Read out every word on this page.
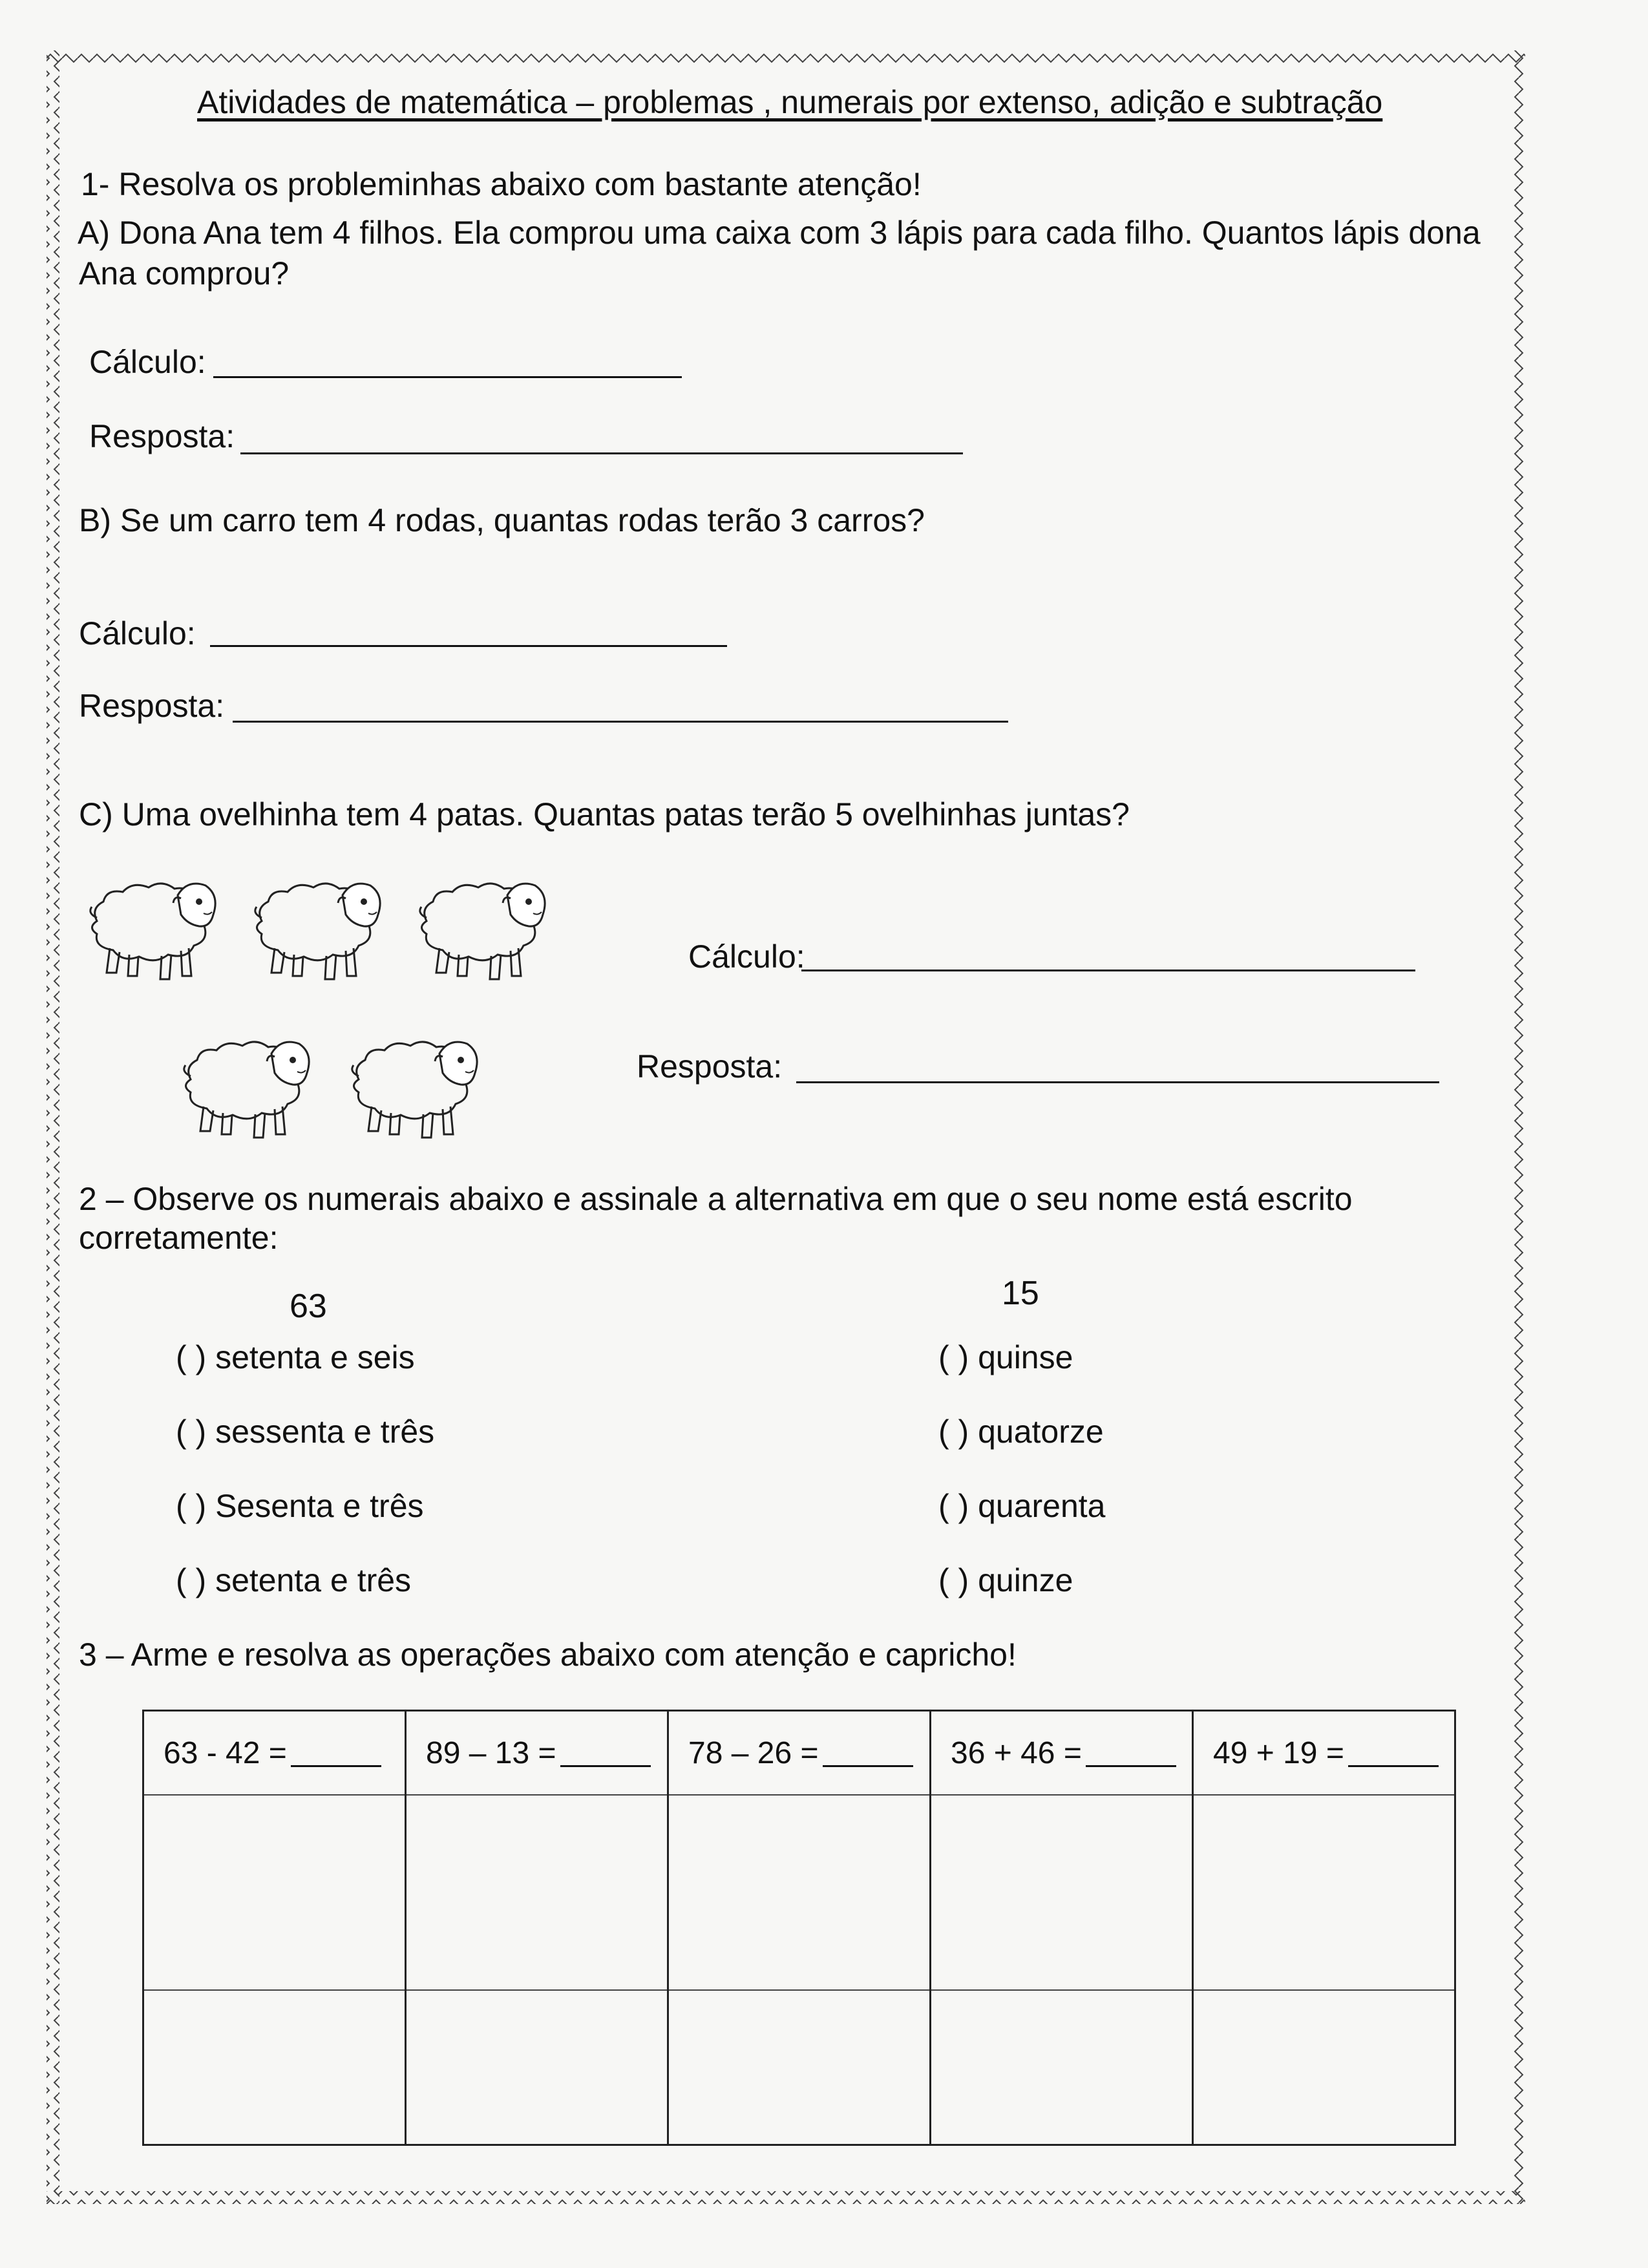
Atividades de matemática – problemas , numerais por extenso, adição e subtração
1- Resolva os probleminhas abaixo com bastante atenção!
A) Dona Ana tem 4 filhos. Ela comprou uma caixa com 3 lápis para cada filho. Quantos lápis dona
Ana comprou?
Cálculo:
Resposta:
B) Se um carro tem 4 rodas, quantas rodas terão 3 carros?
Cálculo:
Resposta:
C) Uma ovelhinha tem 4 patas. Quantas patas terão 5 ovelhinhas juntas?
Cálculo:
Resposta:
2 – Observe os numerais abaixo e assinale a alternativa em que o seu nome está escrito
corretamente:
63
( ) setenta e seis
( ) sessenta e três
( ) Sesenta e três
( ) setenta e três
15
( ) quinse
( ) quatorze
( ) quarenta
( ) quinze
3 – Arme e resolva as operações abaixo com atenção e capricho!
63 - 42 =	89 – 13 =	78 – 26 =	36 + 46 =	49 + 19 =
